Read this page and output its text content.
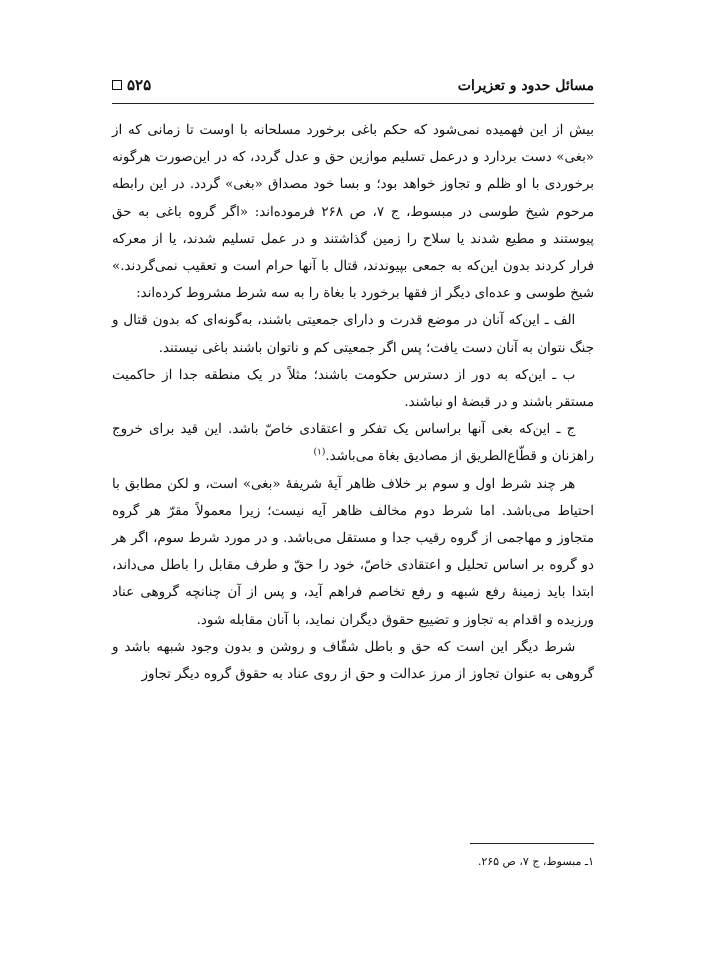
مسائل حدود و تعزیرات
۵۲۵

بیش از این فهمیده نمی‌شود که حکم باغی برخورد مسلحانه با اوست تا زمانی که از «بغی» دست بردارد و درعمل تسلیم موازین حق و عدل گردد، که در این‌صورت هرگونه برخوردی با او ظلم و تجاوز خواهد بود؛ و بسا خود مصداق «بغی» گردد. در این رابطه مرحوم شیخ طوسی در مبسوط، ج ۷، ص ۲۶۸ فرموده‌اند: «اگر گروه باغی به حق پیوستند و مطیع شدند یا سلاح را زمین گذاشتند و در عمل تسلیم شدند، یا از معرکه فرار کردند بدون این‌که به جمعی بپیوندند، قتال با آنها حرام است و تعقیب نمی‌گردند.» شیخ طوسی و عده‌ای دیگر از فقها برخورد با بغاة را به سه شرط مشروط کرده‌اند:

الف ـ این‌که آنان در موضع قدرت و دارای جمعیتی باشند، به‌گونه‌ای که بدون قتال و جنگ نتوان به آنان دست یافت؛ پس اگر جمعیتی کم و ناتوان باشند باغی نیستند.

ب ـ این‌که به دور از دسترس حکومت باشند؛ مثلاً در یک منطقه جدا از حاکمیت مستقر باشند و در قبضهٔ او نباشند.

ج ـ این‌که بغی آنها براساس یک تفکر و اعتقادی خاصّ باشد. این قید برای خروج راهزنان و قطّاع‌الطریق از مصادیق بغاة می‌باشد.$^{(۱)}$

هر چند شرط اول و سوم بر خلاف ظاهر آیهٔ شریفهٔ «بغی» است، و لکن مطابق با احتیاط می‌باشد. اما شرط دوم مخالف ظاهر آیه نیست؛ زیرا معمولاً مقرّ هر گروه متجاوز و مهاجمی از گروه رقیب جدا و مستقل می‌باشد. و در مورد شرط سوم، اگر هر دو گروه بر اساس تحلیل و اعتقادی خاصّ، خود را حقّ و طرف مقابل را باطل می‌داند، ابتدا باید زمینهٔ رفع شبهه و رفع تخاصم فراهم آید، و پس از آن چنانچه گروهی عناد ورزیده و اقدام به تجاوز و تضییع حقوق دیگران نماید، با آنان مقابله شود.

شرط دیگر این است که حق و باطل شفّاف و روشن و بدون وجود شبهه باشد و گروهی به عنوان تجاوز از مرز عدالت و حق از روی عناد به حقوق گروه دیگر تجاوز

۱ـ مبسوط، ج ۷، ص ۲۶۵.
